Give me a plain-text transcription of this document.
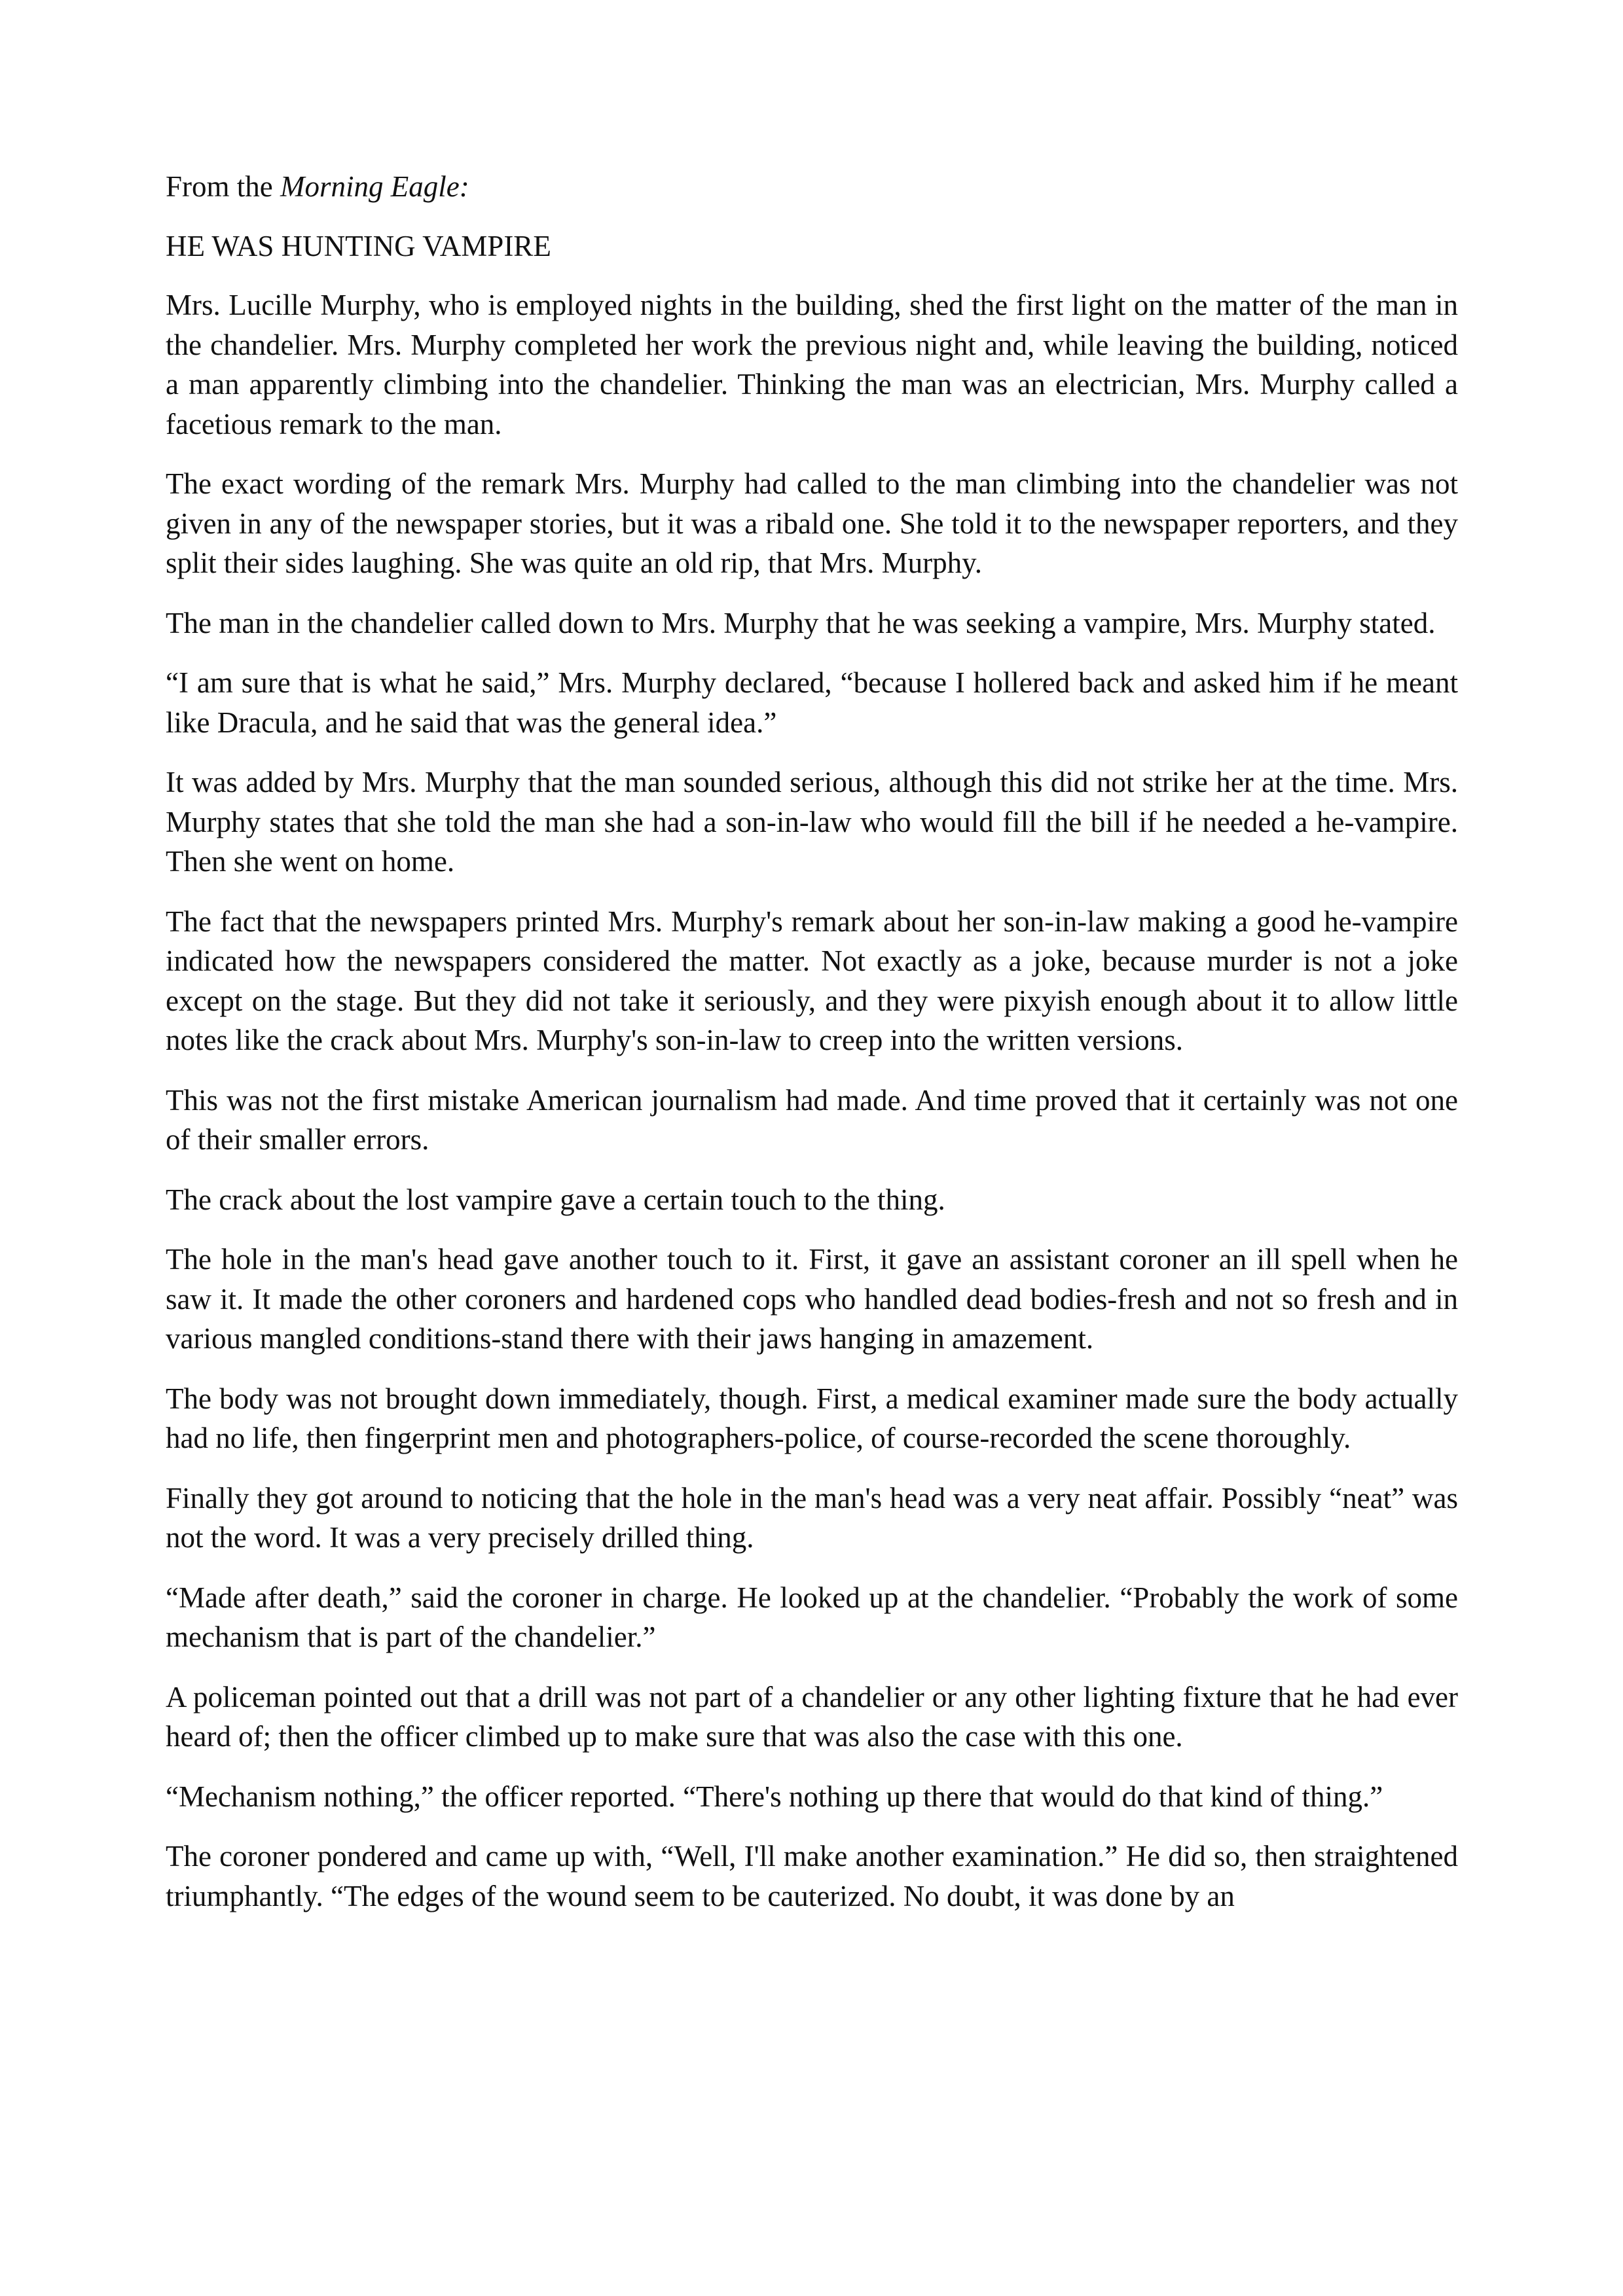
From the Morning Eagle:

HE WAS HUNTING VAMPIRE

Mrs. Lucille Murphy, who is employed nights in the building, shed the first light on the matter of the man in the chandelier. Mrs. Murphy completed her work the previous night and, while leaving the building, noticed a man apparently climbing into the chandelier. Thinking the man was an electrician, Mrs. Murphy called a facetious remark to the man.

The exact wording of the remark Mrs. Murphy had called to the man climbing into the chandelier was not given in any of the newspaper stories, but it was a ribald one. She told it to the newspaper reporters, and they split their sides laughing. She was quite an old rip, that Mrs. Murphy.

The man in the chandelier called down to Mrs. Murphy that he was seeking a vampire, Mrs. Murphy stated.

“I am sure that is what he said,” Mrs. Murphy declared, “because I hollered back and asked him if he meant like Dracula, and he said that was the general idea.”

It was added by Mrs. Murphy that the man sounded serious, although this did not strike her at the time. Mrs. Murphy states that she told the man she had a son-in-law who would fill the bill if he needed a he-vampire. Then she went on home.

The fact that the newspapers printed Mrs. Murphy's remark about her son-in-law making a good he-vampire indicated how the newspapers considered the matter. Not exactly as a joke, because murder is not a joke except on the stage. But they did not take it seriously, and they were pixyish enough about it to allow little notes like the crack about Mrs. Murphy's son-in-law to creep into the written versions.

This was not the first mistake American journalism had made. And time proved that it certainly was not one of their smaller errors.

The crack about the lost vampire gave a certain touch to the thing.

The hole in the man's head gave another touch to it. First, it gave an assistant coroner an ill spell when he saw it. It made the other coroners and hardened cops who handled dead bodies-fresh and not so fresh and in various mangled conditions-stand there with their jaws hanging in amazement.

The body was not brought down immediately, though. First, a medical examiner made sure the body actually had no life, then fingerprint men and photographers-police, of course-recorded the scene thoroughly.

Finally they got around to noticing that the hole in the man's head was a very neat affair. Possibly “neat” was not the word. It was a very precisely drilled thing.

“Made after death,” said the coroner in charge. He looked up at the chandelier. “Probably the work of some mechanism that is part of the chandelier.”

A policeman pointed out that a drill was not part of a chandelier or any other lighting fixture that he had ever heard of; then the officer climbed up to make sure that was also the case with this one.

“Mechanism nothing,” the officer reported. “There's nothing up there that would do that kind of thing.”

The coroner pondered and came up with, “Well, I'll make another examination.” He did so, then straightened triumphantly. “The edges of the wound seem to be cauterized. No doubt, it was done by an
